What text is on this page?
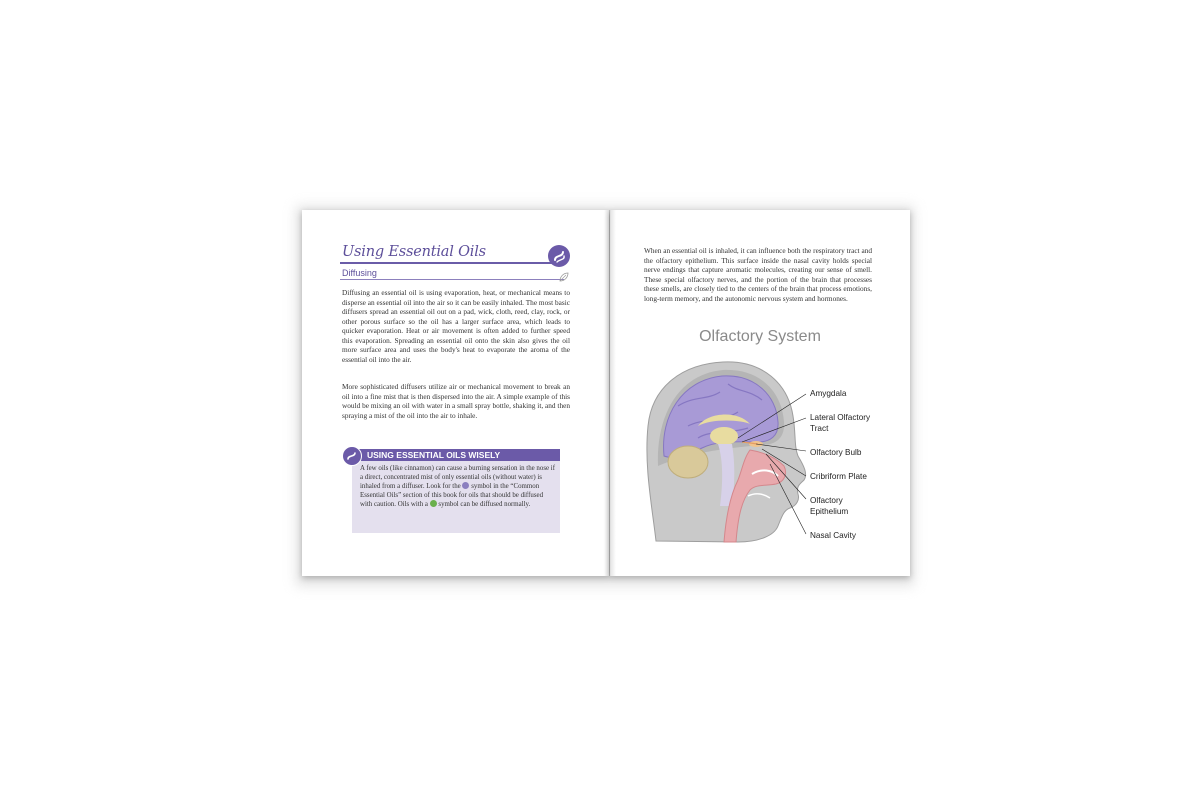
Using Essential Oils
Diffusing
Diffusing an essential oil is using evaporation, heat, or mechanical means to disperse an essential oil into the air so it can be easily inhaled. The most basic diffusers spread an essential oil out on a pad, wick, cloth, reed, clay, rock, or other porous surface so the oil has a larger surface area, which leads to quicker evaporation. Heat or air movement is often added to further speed this evaporation. Spreading an essential oil onto the skin also gives the oil more surface area and uses the body's heat to evaporate the aroma of the essential oil into the air.
More sophisticated diffusers utilize air or mechanical movement to break an oil into a fine mist that is then dispersed into the air. A simple example of this would be mixing an oil with water in a small spray bottle, shaking it, and then spraying a mist of the oil into the air to inhale.
USING ESSENTIAL OILS WISELY
A few oils (like cinnamon) can cause a burning sensation in the nose if a direct, concentrated mist of only essential oils (without water) is inhaled from a diffuser. Look for the symbol in the “Common Essential Oils” section of this book for oils that should be diffused with caution. Oils with a symbol can be diffused normally.
When an essential oil is inhaled, it can influence both the respiratory tract and the olfactory epithelium. This surface inside the nasal cavity holds special nerve endings that capture aromatic molecules, creating our sense of smell. These special olfactory nerves, and the portion of the brain that processes these smells, are closely tied to the centers of the brain that process emotions, long-term memory, and the autonomic nervous system and hormones.
Olfactory System
Amygdala
Lateral Olfactory
Tract
Olfactory Bulb
Cribriform Plate
Olfactory
Epithelium
Nasal Cavity
